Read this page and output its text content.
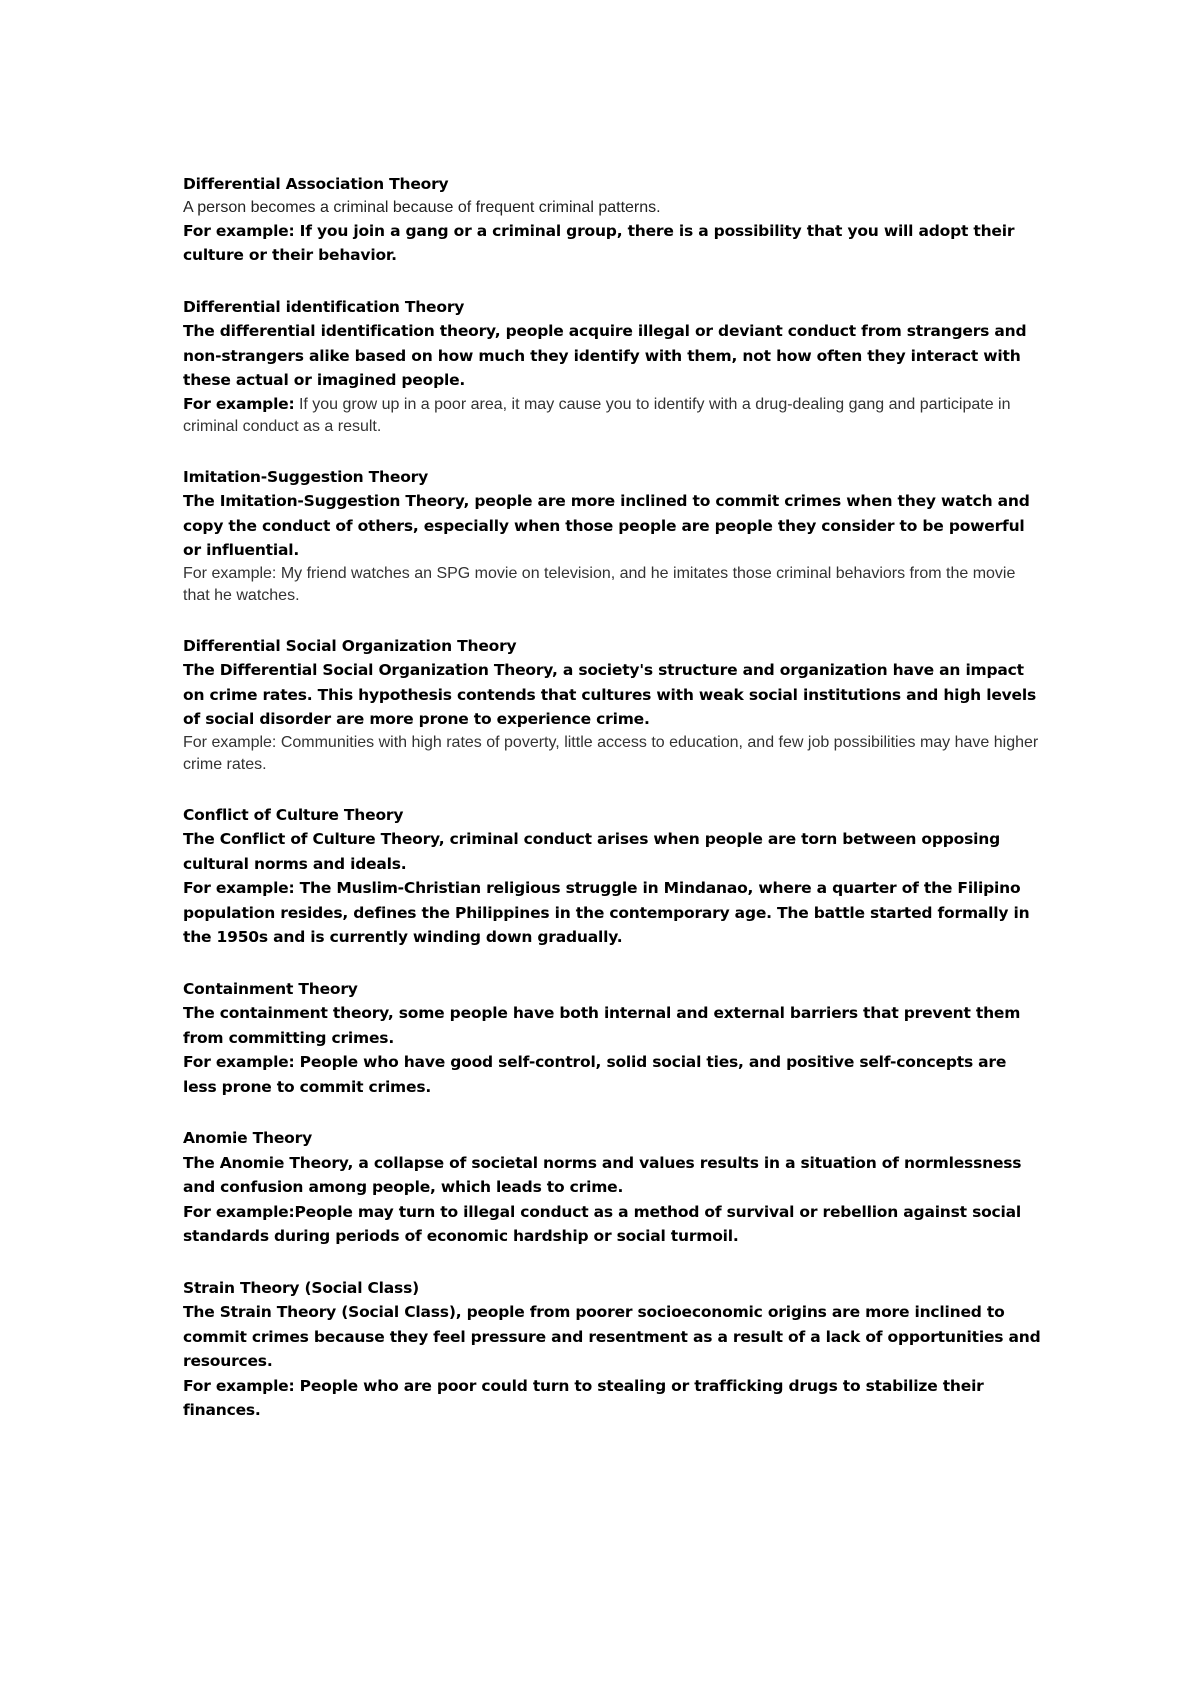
Differential Association Theory

A person becomes a criminal because of frequent criminal patterns.

For example: If you join a gang or a criminal group, there is a possibility that you will adopt their culture or their behavior.

Differential identification Theory

The differential identification theory, people acquire illegal or deviant conduct from strangers and non-strangers alike based on how much they identify with them, not how often they interact with these actual or imagined people.

For example: If you grow up in a poor area, it may cause you to identify with a drug-dealing gang and participate in criminal conduct as a result.

Imitation-Suggestion Theory

The Imitation-Suggestion Theory, people are more inclined to commit crimes when they watch and copy the conduct of others, especially when those people are people they consider to be powerful or influential.

For example: My friend watches an SPG movie on television, and he imitates those criminal behaviors from the movie that he watches.

Differential Social Organization Theory

The Differential Social Organization Theory, a society's structure and organization have an impact on crime rates. This hypothesis contends that cultures with weak social institutions and high levels of social disorder are more prone to experience crime.

For example: Communities with high rates of poverty, little access to education, and few job possibilities may have higher crime rates.

Conflict of Culture Theory

The Conflict of Culture Theory, criminal conduct arises when people are torn between opposing cultural norms and ideals.

For example: The Muslim-Christian religious struggle in Mindanao, where a quarter of the Filipino population resides, defines the Philippines in the contemporary age. The battle started formally in the 1950s and is currently winding down gradually.

Containment Theory

The containment theory, some people have both internal and external barriers that prevent them from committing crimes.

For example: People who have good self-control, solid social ties, and positive self-concepts are less prone to commit crimes.

Anomie Theory

The Anomie Theory, a collapse of societal norms and values results in a situation of normlessness and confusion among people, which leads to crime.

For example:People may turn to illegal conduct as a method of survival or rebellion against social standards during periods of economic hardship or social turmoil.

Strain Theory (Social Class)

The Strain Theory (Social Class), people from poorer socioeconomic origins are more inclined to commit crimes because they feel pressure and resentment as a result of a lack of opportunities and resources.

For example: People who are poor could turn to stealing or trafficking drugs to stabilize their finances.
